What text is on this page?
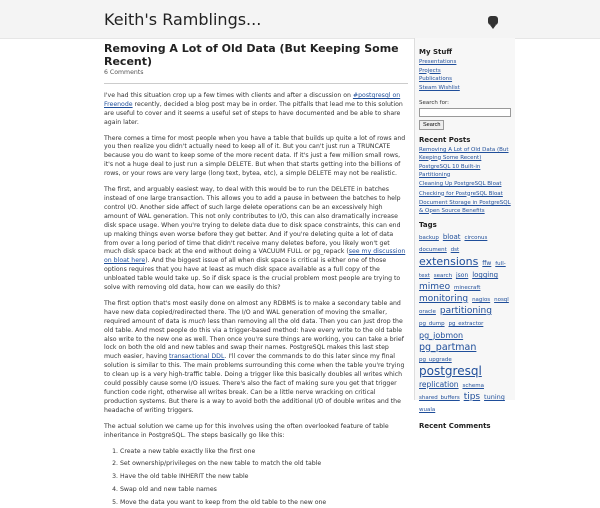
Keith's Ramblings...
Removing A Lot of Old Data (But Keeping Some Recent)
6 Comments

I've had this situation crop up a few times with clients and after a discussion on #postgresql on Freenode recently, decided a blog post may be in order. The pitfalls that lead me to this solution are useful to cover and it seems a useful set of steps to have documented and be able to share again later.

There comes a time for most people when you have a table that builds up quite a lot of rows and you then realize you didn't actually need to keep all of it. But you can't just run a TRUNCATE because you do want to keep some of the more recent data. If it's just a few million small rows, it's not a huge deal to just run a simple DELETE. But when that starts getting into the billions of rows, or your rows are very large (long text, bytea, etc), a simple DELETE may not be realistic.

The first, and arguably easiest way, to deal with this would be to run the DELETE in batches instead of one large transaction. This allows you to add a pause in between the batches to help control I/O. Another side affect of such large delete operations can be an excessively high amount of WAL generation. This not only contributes to I/O, this can also dramatically increase disk space usage. When you're trying to delete data due to disk space constraints, this can end up making things even worse before they get better. And if you're deleting quite a lot of data from over a long period of time that didn't receive many deletes before, you likely won't get much disk space back at the end without doing a VACUUM FULL or pg_repack (see my discussion on bloat here). And the biggest issue of all when disk space is critical is either one of those options requires that you have at least as much disk space available as a full copy of the unbloated table would take up. So if disk space is the crucial problem most people are trying to solve with removing old data, how can we easily do this?

The first option that's most easily done on almost any RDBMS is to make a secondary table and have new data copied/redirected there. The I/O and WAL generation of moving the smaller, required amount of data is much less than removing all the old data. Then you can just drop the old table. And most people do this via a trigger-based method: have every write to the old table also write to the new one as well. Then once you're sure things are working, you can take a brief lock on both the old and new tables and swap their names. PostgreSQL makes this last step much easier, having transactional DDL. I'll cover the commands to do this later since my final solution is similar to this. The main problems surrounding this come when the table you're trying to clean up is a very high-traffic table. Doing a trigger like this basically doubles all writes which could possibly cause some I/O issues. There's also the fact of making sure you get that trigger function code right, otherwise all writes break. Can be a little nerve wracking on critical production systems. But there is a way to avoid both the additional I/O of double writes and the headache of writing triggers.

The actual solution we came up for this involves using the often overlooked feature of table inheritance in PostgreSQL. The steps basically go like this:

1. Create a new table exactly like the first one
2. Set ownership/privileges on the new table to match the old table
3. Have the old table INHERIT the new table
4. Swap old and new table names
5. Move the data you want to keep from the old table to the new one
My Stuff
Presentations
Projects
Publications
Steam Wishlist
Search for:
Search
Recent Posts
Removing A Lot of Old Data (But Keeping Some Recent)
PostgreSQL 10 Built-in Partitioning
Cleaning Up PostgreSQL Bloat
Checking for PostgreSQL Bloat
Document Storage in PostgreSQL & Open Source Benefits
Tags
backup bloat circonus document dst extensions ffw full-text search json logging mimeo minecraft monitoring nagios nosql oracle partitioning pg_dump pg_extractor pg_jobmon pg_partman pg_upgrade postgresql replication schema shared_buffers tips tuning wuala
Recent Comments
